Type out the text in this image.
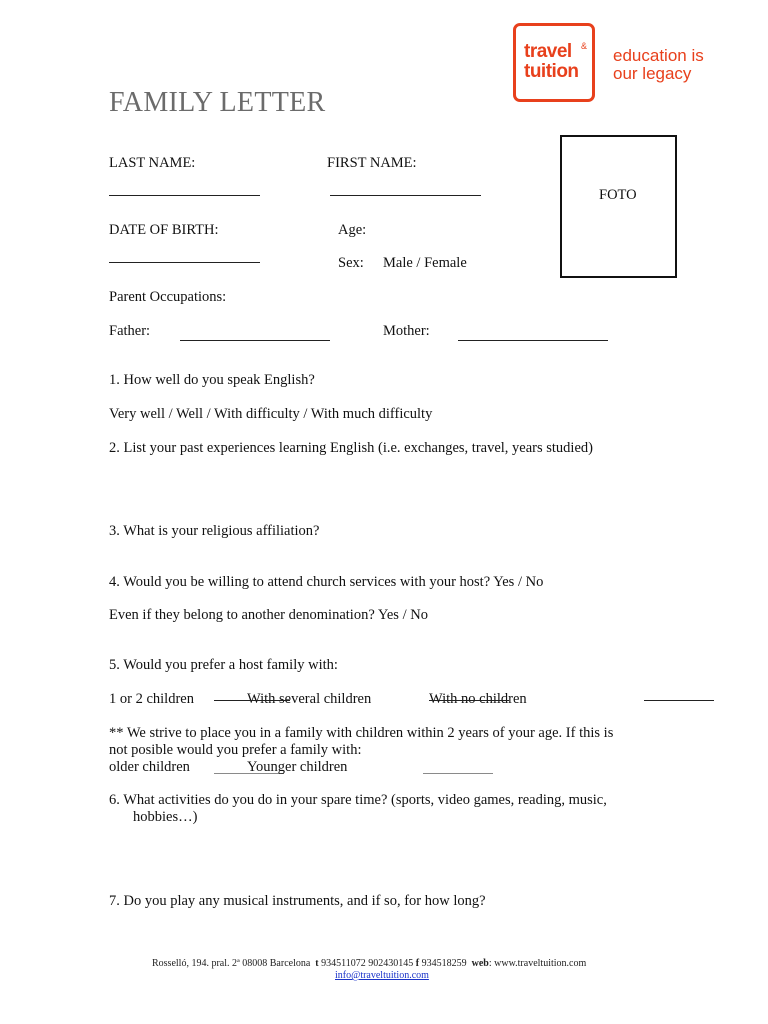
travel &
tuition
education is
our legacy
FAMILY LETTER
LAST NAME:	FIRST NAME:
DATE OF BIRTH:	Age:
Sex: Male / Female
FOTO
Parent Occupations:
Father:	Mother:
1. How well do you speak English?
Very well / Well / With difficulty / With much difficulty
2. List your past experiences learning English (i.e. exchanges, travel, years studied)
3. What is your religious affiliation?
4. Would you be willing to attend church services with your host? Yes / No
Even if they belong to another denomination? Yes / No
5. Would you prefer a host family with:
1 or 2 children	With several children	With no children
** We strive to place you in a family with children within 2 years of your age. If this is
not posible would you prefer a family with:
older children	Younger children
6. What activities do you do in your spare time? (sports, video games, reading, music,
hobbies…)
7. Do you play any musical instruments, and if so, for how long?
Rosselló, 194. pral. 2ª 08008 Barcelona t 934511072 902430145 f 934518259 web: www.traveltuition.com
info@traveltuition.com
